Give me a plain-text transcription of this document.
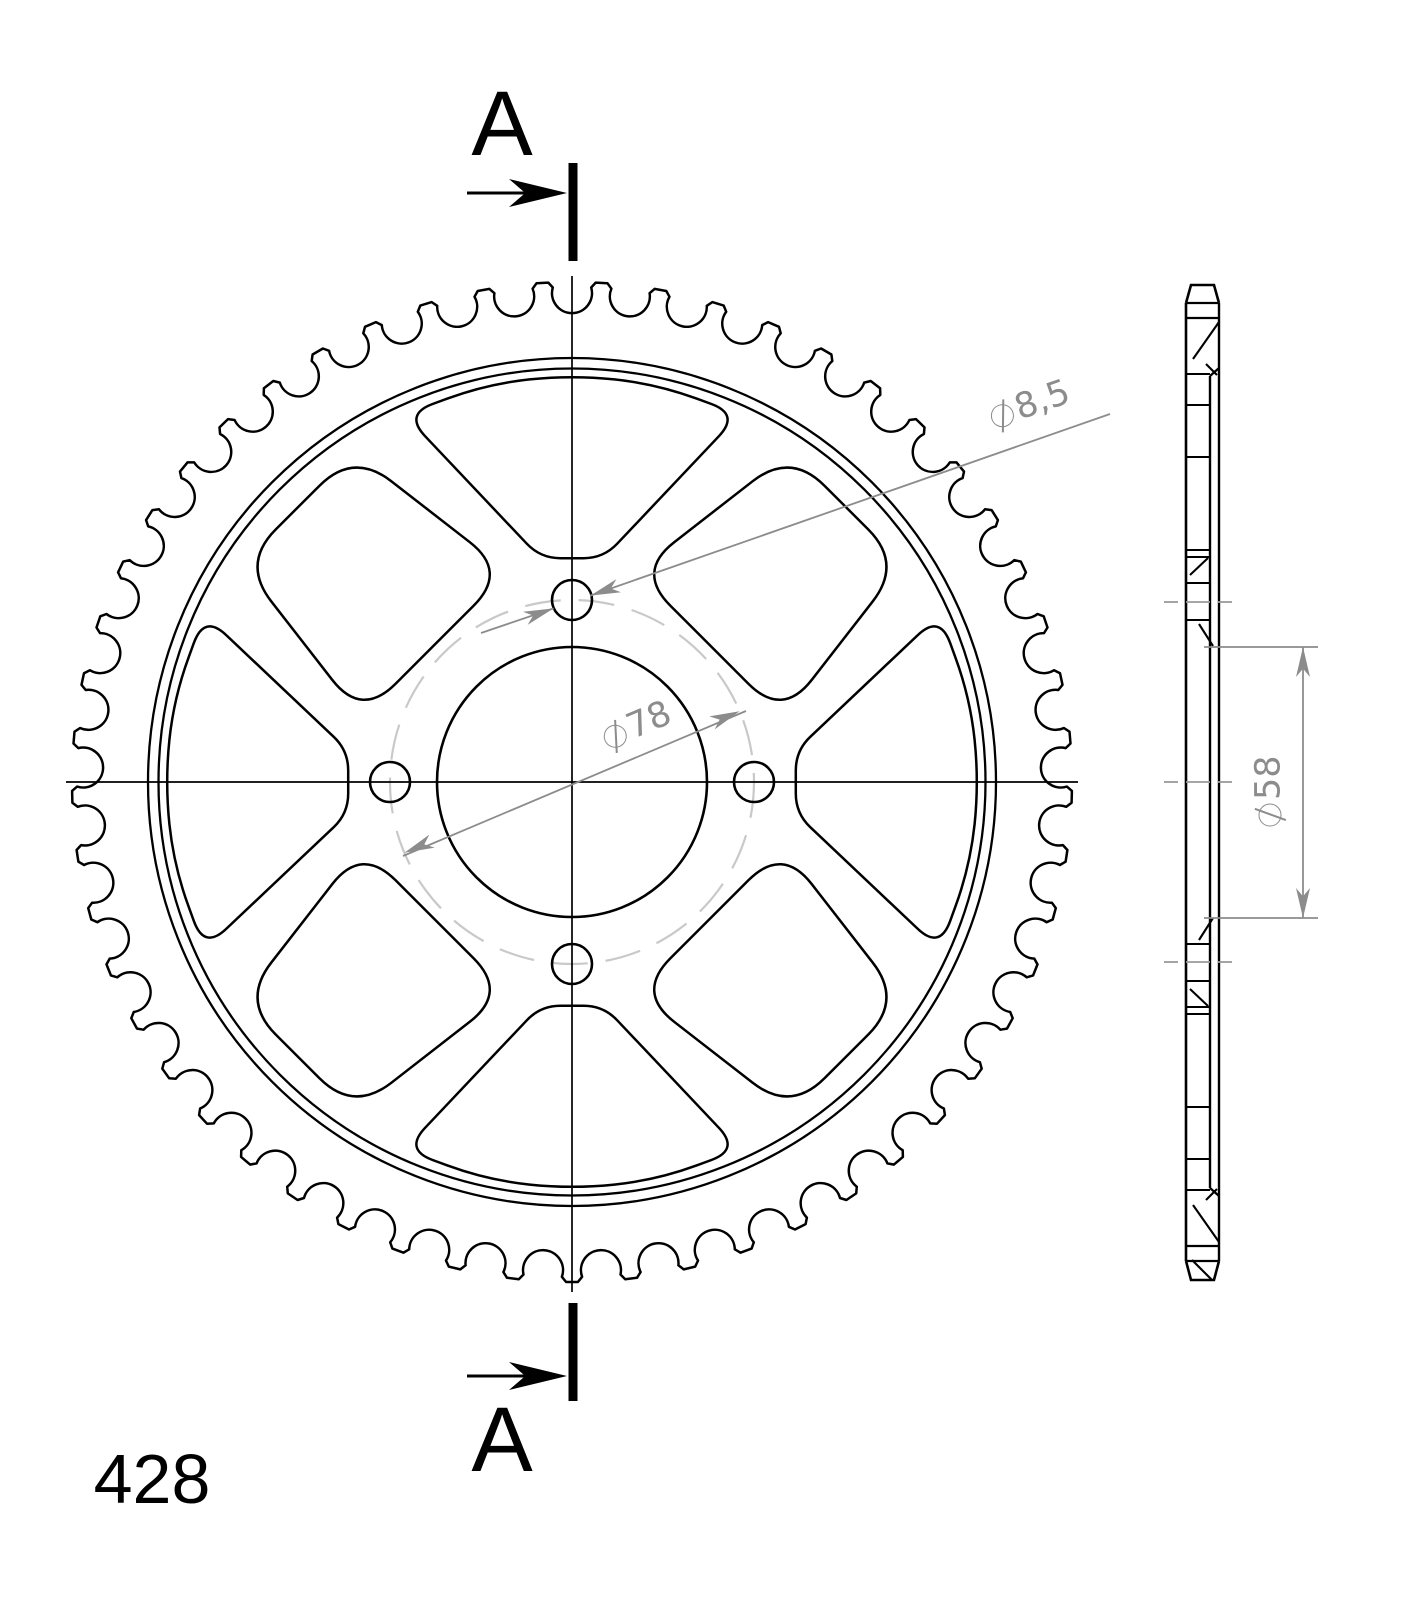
A
A
428
8,5
78
58
